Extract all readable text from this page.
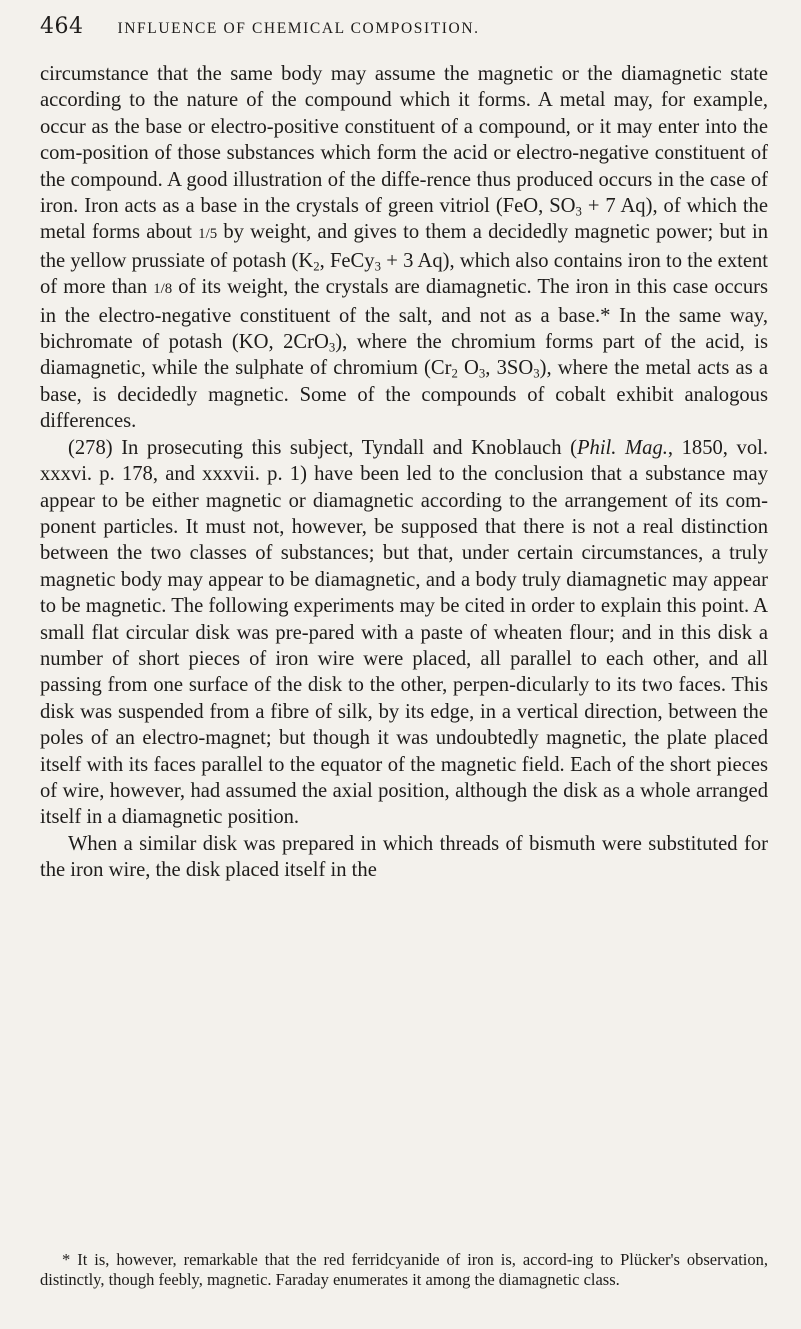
464 INFLUENCE OF CHEMICAL COMPOSITION.

circumstance that the same body may assume the magnetic or the diamagnetic state according to the nature of the compound which it forms. A metal may, for example, occur as the base or electro-positive constituent of a compound, or it may enter into the com-position of those substances which form the acid or electro-negative constituent of the compound. A good illustration of the diffe-rence thus produced occurs in the case of iron. Iron acts as a base in the crystals of green vitriol (FeO, $SO_3 + 7$ Aq), of which the metal forms about 1/5 by weight, and gives to them a decidedly magnetic power; but in the yellow prussiate of potash ($K_2$, FeCy$_3$ + 3 Aq), which also contains iron to the extent of more than 1/8 of its weight, the crystals are diamagnetic. The iron in this case occurs in the electro-negative constituent of the salt, and not as a base.* In the same way, bichromate of potash (KO, 2CrO$_3$), where the chromium forms part of the acid, is diamagnetic, while the sulphate of chromium ($Cr_2$ $O_3$, $3SO_3$), where the metal acts as a base, is decidedly magnetic. Some of the compounds of cobalt exhibit analogous differences.

(278) In prosecuting this subject, Tyndall and Knoblauch (Phil. Mag., 1850, vol. xxxvi. p. 178, and xxxvii. p. 1) have been led to the conclusion that a substance may appear to be either magnetic or diamagnetic according to the arrangement of its com-ponent particles. It must not, however, be supposed that there is not a real distinction between the two classes of substances; but that, under certain circumstances, a truly magnetic body may appear to be diamagnetic, and a body truly diamagnetic may appear to be magnetic. The following experiments may be cited in order to explain this point. A small flat circular disk was pre-pared with a paste of wheaten flour; and in this disk a number of short pieces of iron wire were placed, all parallel to each other, and all passing from one surface of the disk to the other, perpen-dicularly to its two faces. This disk was suspended from a fibre of silk, by its edge, in a vertical direction, between the poles of an electro-magnet; but though it was undoubtedly magnetic, the plate placed itself with its faces parallel to the equator of the magnetic field. Each of the short pieces of wire, however, had assumed the axial position, although the disk as a whole arranged itself in a diamagnetic position.

When a similar disk was prepared in which threads of bismuth were substituted for the iron wire, the disk placed itself in the

* It is, however, remarkable that the red ferridcyanide of iron is, accord-ing to Plücker's observation, distinctly, though feebly, magnetic. Faraday enumerates it among the diamagnetic class.
